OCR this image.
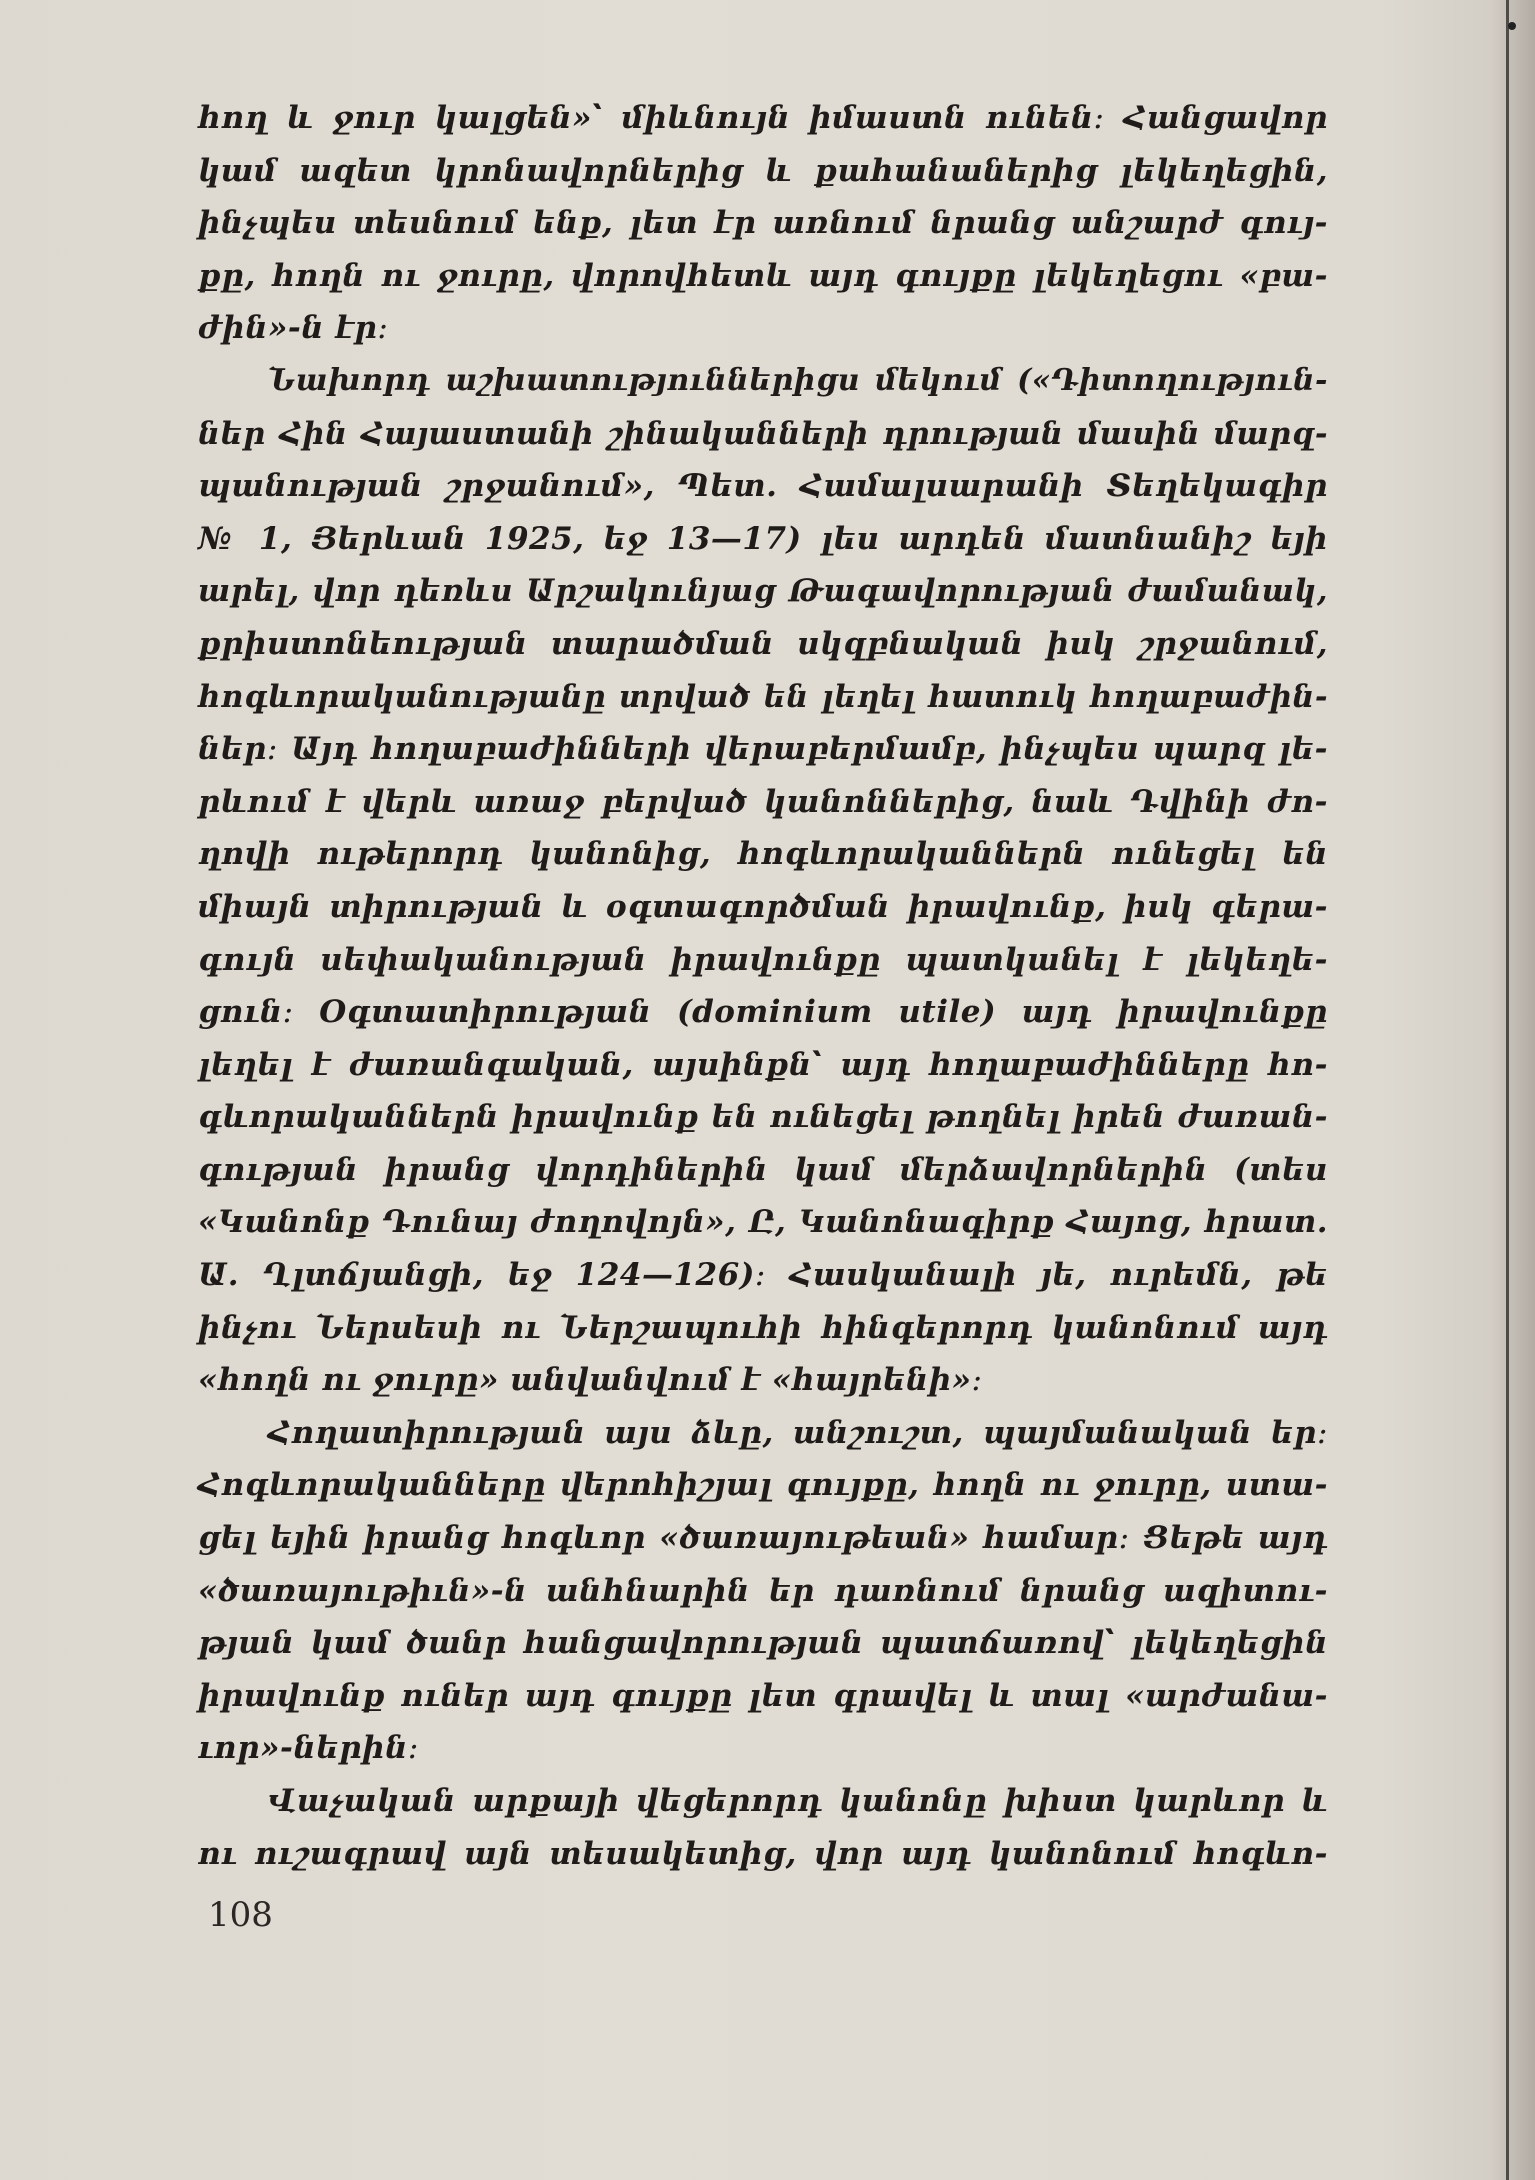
հող և ջուր կալցեն»՝ միևնույն իմաստն ունեն։ Հանցավոր
կամ ազետ կրոնավորներից և քահանաներից լեկեղեցին,
ինչպես տեսնում ենք, լետ էր առնում նրանց անշարժ գույ-
քը, հողն ու ջուրը, վորովհետև այդ գույքը լեկեղեցու «բա-
ժին»-ն էր։
Նախորդ աշխատություններիցս մեկում («Դիտողություն-
ներ Հին Հայաստանի շինականների դրության մասին մարզ-
պանության շրջանում», Պետ. Համալսարանի Տեղեկագիր
№ 1, Յերևան 1925, եջ 13—17) լես արդեն մատնանիշ եյի
արել, վոր դեռևս Արշակունյաց Թագավորության ժամանակ,
քրիստոնեության տարածման սկզբնական իսկ շրջանում,
հոգևորականությանը տրված են լեղել հատուկ հողաբաժին-
ներ։ Այդ հողաբաժինների վերաբերմամբ, ինչպես պարզ լե-
րևում է վերև առաջ բերված կանոններից, նաև Դվինի ժո-
ղովի ութերորդ կանոնից, հոգևորականներն ունեցել են
միայն տիրության և օգտագործման իրավունք, իսկ գերա-
գույն սեփականության իրավունքը պատկանել է լեկեղե-
ցուն։ Օգտատիրության (dominium utile) այդ իրավունքը
լեղել է ժառանգական, այսինքն՝ այդ հողաբաժինները հո-
գևորականներն իրավունք են ունեցել թողնել իրեն ժառան-
գության իրանց վորդիներին կամ մերձավորներին (տես
«Կանոնք Դունայ ժողովոյն», Ը, Կանոնագիրք Հայոց, հրատ.
Ա. Ղլտճյանցի, եջ 124—126)։ Հասկանալի յե, ուրեմն, թե
ինչու Ներսեսի ու Ներշապուհի հինգերորդ կանոնում այդ
«հողն ու ջուրը» անվանվում է «հայրենի»։
Հողատիրության այս ձևը, անշուշտ, պայմանական եր։
Հոգևորականները վերոհիշյալ գույքը, հողն ու ջուրը, ստա-
ցել եյին իրանց հոգևոր «ծառայութեան» համար։ Ցեթե այդ
«ծառայութիւն»-ն անհնարին եր դառնում նրանց ազիտու-
թյան կամ ծանր հանցավորության պատճառով՝ լեկեղեցին
իրավունք ուներ այդ գույքը լետ գրավել և տալ «արժանա-
ւոր»-ներին։
Վաչական արքայի վեցերորդ կանոնը խիստ կարևոր և
ու ուշագրավ այն տեսակետից, վոր այդ կանոնում հոգևո-
108
